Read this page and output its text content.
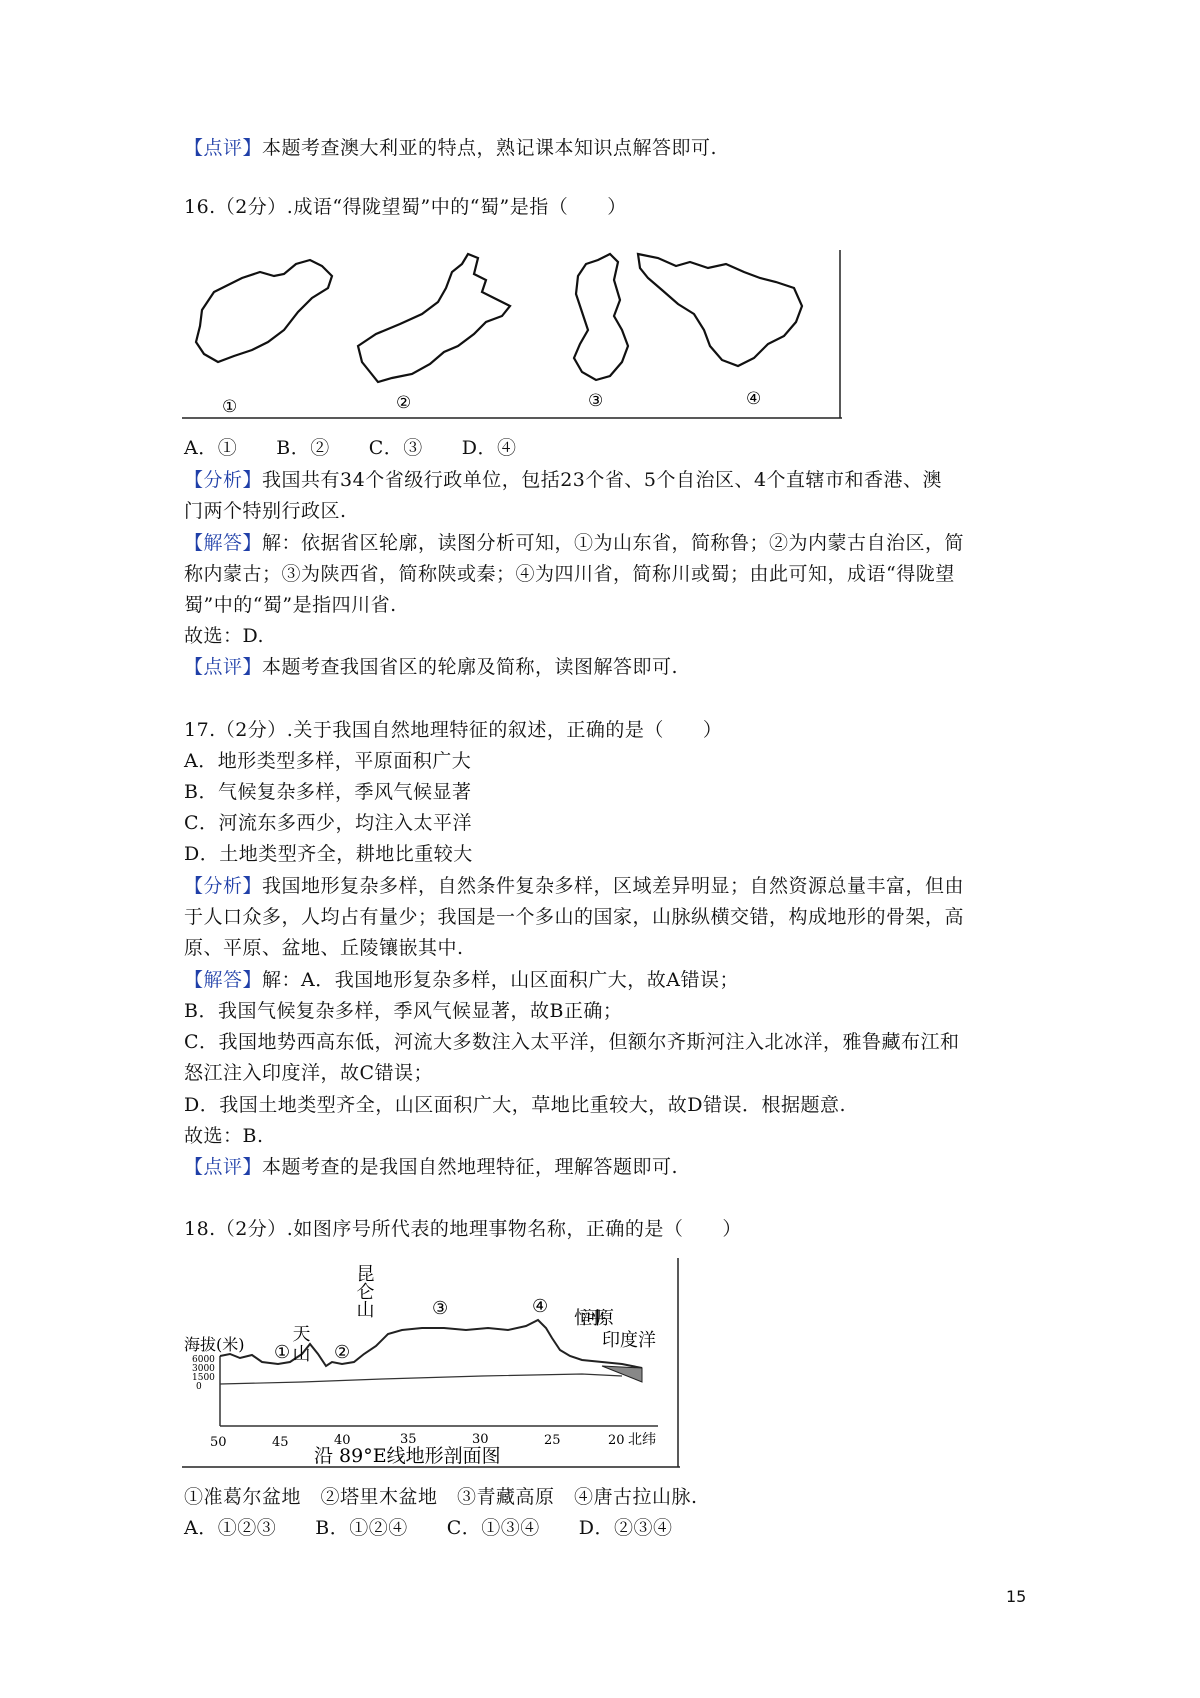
【点评】本题考查澳大利亚的特点，熟记课本知识点解答即可.
16.（2分）.成语“得陇望蜀”中的“蜀”是指（　　）
①	②	③	④
A．①　　 B．②　　 C．③　　 D．④
【分析】我国共有34个省级行政单位，包括23个省、5个自治区、4个直辖市和香港、澳
门两个特别行政区.
【解答】解：依据省区轮廓，读图分析可知，①为山东省，简称鲁；②为内蒙古自治区，简
称内蒙古；③为陕西省，简称陕或秦；④为四川省，简称川或蜀；由此可知，成语“得陇望
蜀”中的“蜀”是指四川省.
故选：D.
【点评】本题考查我国省区的轮廓及简称，读图解答即可.
17.（2分）.关于我国自然地理特征的叙述，正确的是（　　）
A．地形类型多样，平原面积广大
B．气候复杂多样，季风气候显著
C．河流东多西少，均注入太平洋
D．土地类型齐全，耕地比重较大
【分析】我国地形复杂多样，自然条件复杂多样，区域差异明显；自然资源总量丰富，但由
于人口众多，人均占有量少；我国是一个多山的国家，山脉纵横交错，构成地形的骨架，高
原、平原、盆地、丘陵镶嵌其中.
【解答】解：A．我国地形复杂多样，山区面积广大，故A错误；
B．我国气候复杂多样，季风气候显著，故B正确；
C．我国地势西高东低，河流大多数注入太平洋，但额尔齐斯河注入北冰洋，雅鲁藏布江和
怒江注入印度洋，故C错误；
D．我国土地类型齐全，山区面积广大，草地比重较大，故D错误．根据题意.
故选：B.
【点评】本题考查的是我国自然地理特征，理解答题即可.
18.（2分）.如图序号所代表的地理事物名称，正确的是（　　）
海拔(米)
6000
3000
1500
0
50	45	40	35	30	25	20 北纬
沿 89°E线地形剖面图
天山
昆仑山
恒河平原
印度洋
① ②
③	④
①准葛尔盆地　②塔里木盆地　③青藏高原　④唐古拉山脉.
A．①②③　　 B．①②④　　 C．①③④　　 D．②③④
15
